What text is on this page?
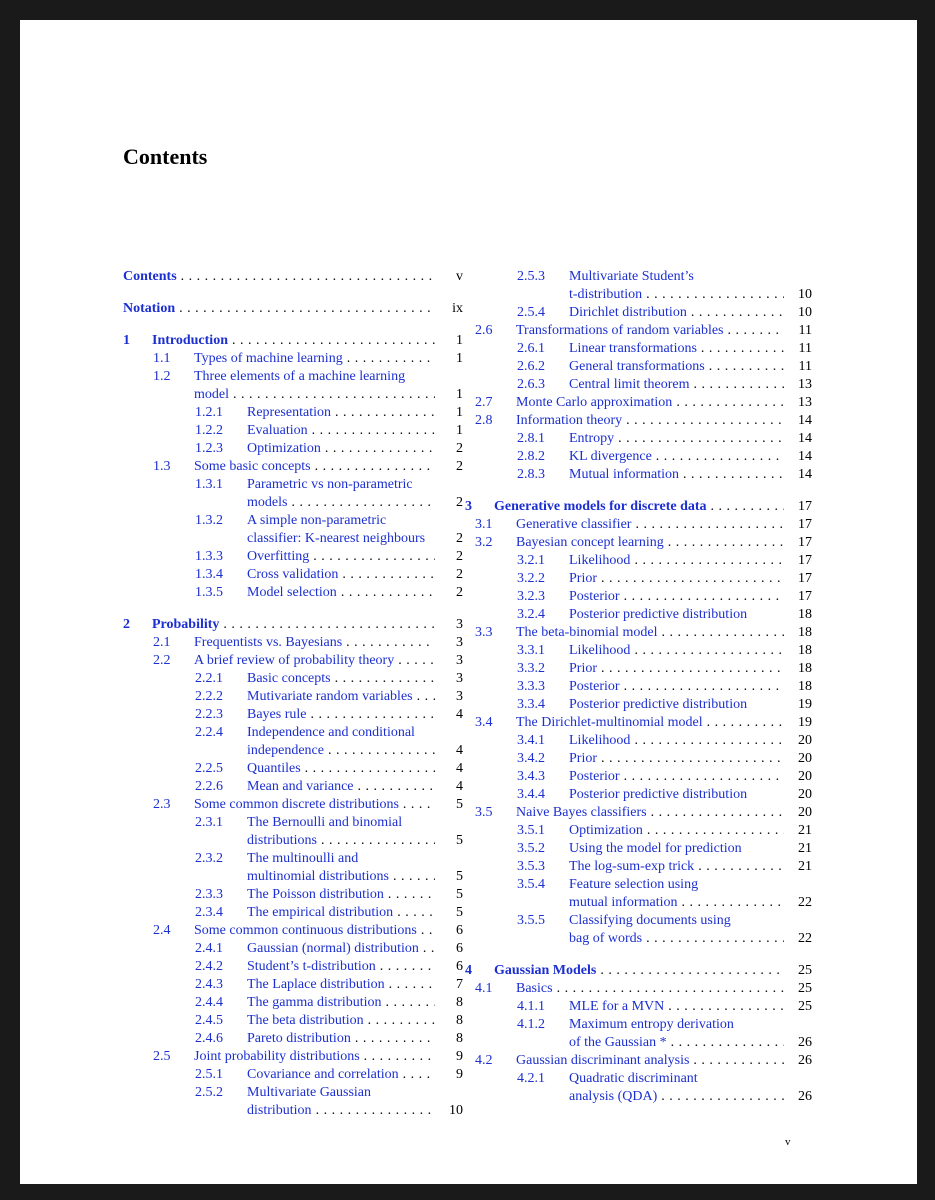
Contents
Contents . . .	v
Notation . . .	ix
1 Introduction . . .	1
1.1 Types of machine learning . . .	1
1.2 Three elements of a machine learning
model . . .	1
1.2.1 Representation . . .	1
1.2.2 Evaluation . . .	1
1.2.3 Optimization . . .	2
1.3 Some basic concepts . . .	2
1.3.1 Parametric vs non-parametric
models . . .	2
1.3.2 A simple non-parametric
classifier: K-nearest neighbours	2
1.3.3 Overfitting . . .	2
1.3.4 Cross validation . . .	2
1.3.5 Model selection . . .	2
2 Probability . . .	3
2.1 Frequentists vs. Bayesians . . .	3
2.2 A brief review of probability theory . . .	3
2.2.1 Basic concepts . . .	3
2.2.2 Mutivariate random variables . . .	3
2.2.3 Bayes rule . . .	4
2.2.4 Independence and conditional
independence . . .	4
2.2.5 Quantiles . . .	4
2.2.6 Mean and variance . . .	4
2.3 Some common discrete distributions . . .	5
2.3.1 The Bernoulli and binomial
distributions . . .	5
2.3.2 The multinoulli and
multinomial distributions . . .	5
2.3.3 The Poisson distribution . . .	5
2.3.4 The empirical distribution . . .	5
2.4 Some common continuous distributions . . .	6
2.4.1 Gaussian (normal) distribution . . .	6
2.4.2 Student’s t-distribution . . .	6
2.4.3 The Laplace distribution . . .	7
2.4.4 The gamma distribution . . .	8
2.4.5 The beta distribution . . .	8
2.4.6 Pareto distribution . . .	8
2.5 Joint probability distributions . . .	9
2.5.1 Covariance and correlation . . .	9
2.5.2 Multivariate Gaussian
distribution . . .	10
2.5.3 Multivariate Student’s
t-distribution . . .	10
2.5.4 Dirichlet distribution . . .	10
2.6 Transformations of random variables . . .	11
2.6.1 Linear transformations . . .	11
2.6.2 General transformations . . .	11
2.6.3 Central limit theorem . . .	13
2.7 Monte Carlo approximation . . .	13
2.8 Information theory . . .	14
2.8.1 Entropy . . .	14
2.8.2 KL divergence . . .	14
2.8.3 Mutual information . . .	14
3 Generative models for discrete data . . .	17
3.1 Generative classifier . . .	17
3.2 Bayesian concept learning . . .	17
3.2.1 Likelihood . . .	17
3.2.2 Prior . . .	17
3.2.3 Posterior . . .	17
3.2.4 Posterior predictive distribution	18
3.3 The beta-binomial model . . .	18
3.3.1 Likelihood . . .	18
3.3.2 Prior . . .	18
3.3.3 Posterior . . .	18
3.3.4 Posterior predictive distribution	19
3.4 The Dirichlet-multinomial model . . .	19
3.4.1 Likelihood . . .	20
3.4.2 Prior . . .	20
3.4.3 Posterior . . .	20
3.4.4 Posterior predictive distribution	20
3.5 Naive Bayes classifiers . . .	20
3.5.1 Optimization . . .	21
3.5.2 Using the model for prediction	21
3.5.3 The log-sum-exp trick . . .	21
3.5.4 Feature selection using
mutual information . . .	22
3.5.5 Classifying documents using
bag of words . . .	22
4 Gaussian Models . . .	25
4.1 Basics . . .	25
4.1.1 MLE for a MVN . . .	25
4.1.2 Maximum entropy derivation
of the Gaussian * . . .	26
4.2 Gaussian discriminant analysis . . .	26
4.2.1 Quadratic discriminant
analysis (QDA) . . .	26
v
